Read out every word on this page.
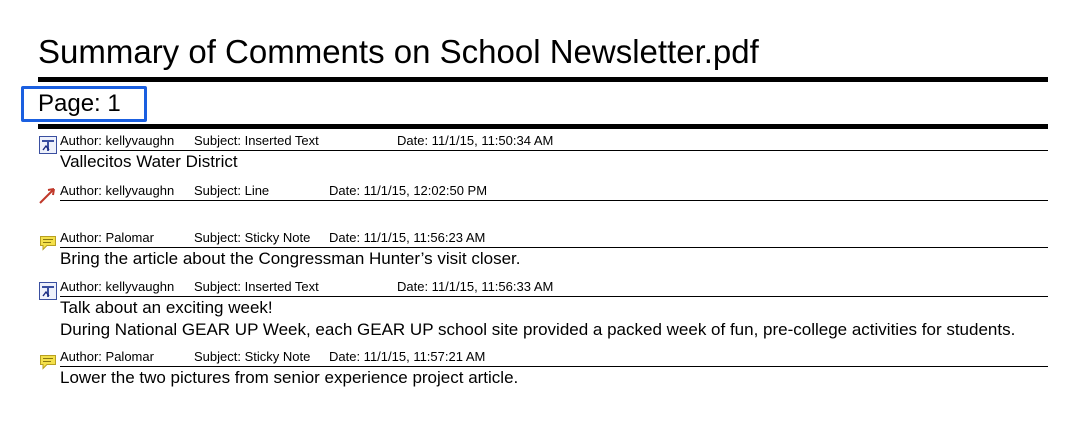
Summary of Comments on School Newsletter.pdf
Page: 1
Author: kellyvaughn Subject: Inserted Text	Date: 11/1/15, 11:50:34 AM
Vallecitos Water District
Author: kellyvaughn Subject: Line	Date: 11/1/15, 12:02:50 PM
Author: Palomar	Subject: Sticky Note Date: 11/1/15, 11:56:23 AM
Bring the article about the Congressman Hunter’s visit closer.
Author: kellyvaughn Subject: Inserted Text	Date: 11/1/15, 11:56:33 AM
Talk about an exciting week!
During National GEAR UP Week, each GEAR UP school site provided a packed week of fun, pre-college activities for students.
Author: Palomar	Subject: Sticky Note Date: 11/1/15, 11:57:21 AM
Lower the two pictures from senior experience project article.
